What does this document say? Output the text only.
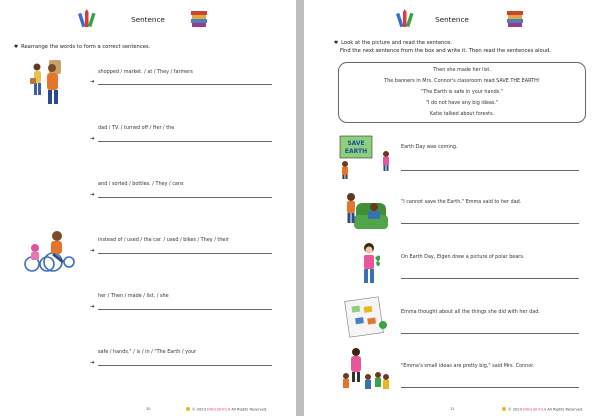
Sentence
♥ Rearrange the words to form a correct sentences.
shopped / market. / at / They / farmers
➜
dad / TV. / turned off / Her / the
➜
and / sorted / bottles. / They / cans
➜
instead of / used / the car. / used / bikes / They / their
➜
her / Then / made / list. / she
➜
safe / hands." / is / in / "The Earth / your
➜
10	© 2023 ENGLISHOLA All Rights Reserved.
Sentence
♥ Look at the picture and read the sentence.
Find the next sentence from the box and write it. Then read the sentences aloud.
Then she made her list.
The banners in Mrs. Connor's classroom read SAVE THE EARTH!
"The Earth is safe in your hands."
"I do not have any big ideas."
Katie talked about forests.
SAVE
EARTH
Earth Day was coming.
"I cannot save the Earth," Emma said to her dad.
On Earth Day, Elgen drew a picture of polar bears.
Emma thought about all the things she did with her dad.
"Emma's small ideas are pretty big," said Mrs. Connor.
11	© 2023 ENGLISHOLA All Rights Reserved.
